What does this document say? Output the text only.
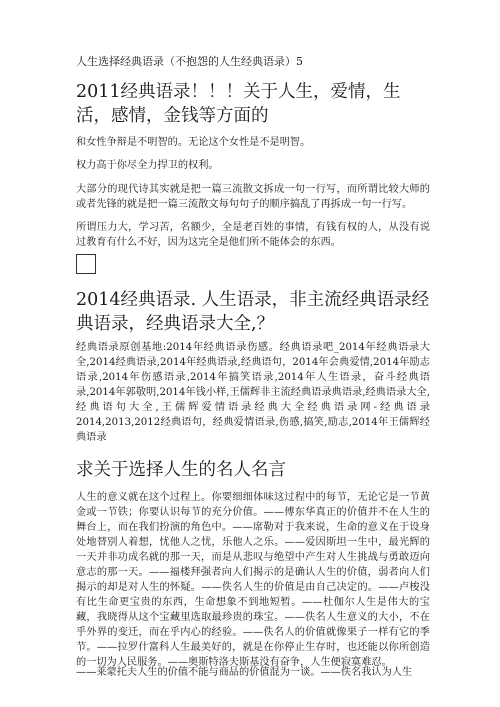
人生选择经典语录（不抱怨的人生经典语录）5
2011经典语录！！！关于人生，爱情，生活，感情，金钱等方面的

和女性争辩是不明智的。无论这个女性是不是明智。

权力高于你尽全力捍卫的权利。

大部分的现代诗其实就是把一篇三流散文拆成一句一行写，而所谓比较大师的或者先锋的就是把一篇三流散文每句句子的顺序搞乱了再拆成一句一行写。

所谓压力大，学习苦，名额少，全是老百姓的事情，有钱有权的人，从没有说过教育有什么不好，因为这完全是他们所不能体会的东西。

2014经典语录. 人生语录，非主流经典语录经典语录，经典语录大全,？

经典语录原创基地:2014年经典语录伤感。经典语录吧_2014年经典语录大全,2014经典语录,2014年经典语录,经典语句，2014年会典爱情,2014年励志语录,2014年伤感语录,2014年搞笑语录,2014年人生语录，奋斗经典语录,2014年郭敬明,2014年钱小样,王儒辉非主流经典语录典语录,经典语录大全,经典语句大全,王儒辉爱情语录经典大全经典语录网-经典语录2014,2013,2012经典语句，经典爱情语录,伤感,搞笑,励志,2014年王儒辉经典语录

求关于选择人生的名人名言

人生的意义就在这个过程上。你要细细体味这过程中的每节，无论它是一节黄金或一节铁；你要认识每节的充分价值。——傅东华真正的价值并不在人生的舞台上，而在我们扮演的角色中。——席勒对于我来说，生命的意义在于设身处地替别人着想，忧他人之忧，乐他人之乐。——爱因斯坦一生中，最光辉的一天并非功成名就的那一天，而是从悲叹与绝望中产生对人生挑战与勇敢迈向意志的那一天。——福楼拜强者向人们揭示的是确认人生的价值，弱者向人们揭示的却是对人生的怀疑。——佚名人生的价值是由自己决定的。——卢梭没有比生命更宝贵的东西，生命想象不到地短暂。——杜伽尔人生是伟大的宝藏，我晓得从这个宝藏里选取最珍贵的珠宝。——佚名人生意义的大小，不在乎外界的变迁，而在乎内心的经验。——佚名人的价值就像果子一样有它的季节。——拉罗什富科人生最美好的，就是在你停止生存时，也还能以你所创造的一切为人民服务。——奥斯特洛夫斯基没有奋争，人生便寂寞难忍。

——莱蒙托夫人生的价值不能与商品的价值混为一谈。——佚名我认为人生
